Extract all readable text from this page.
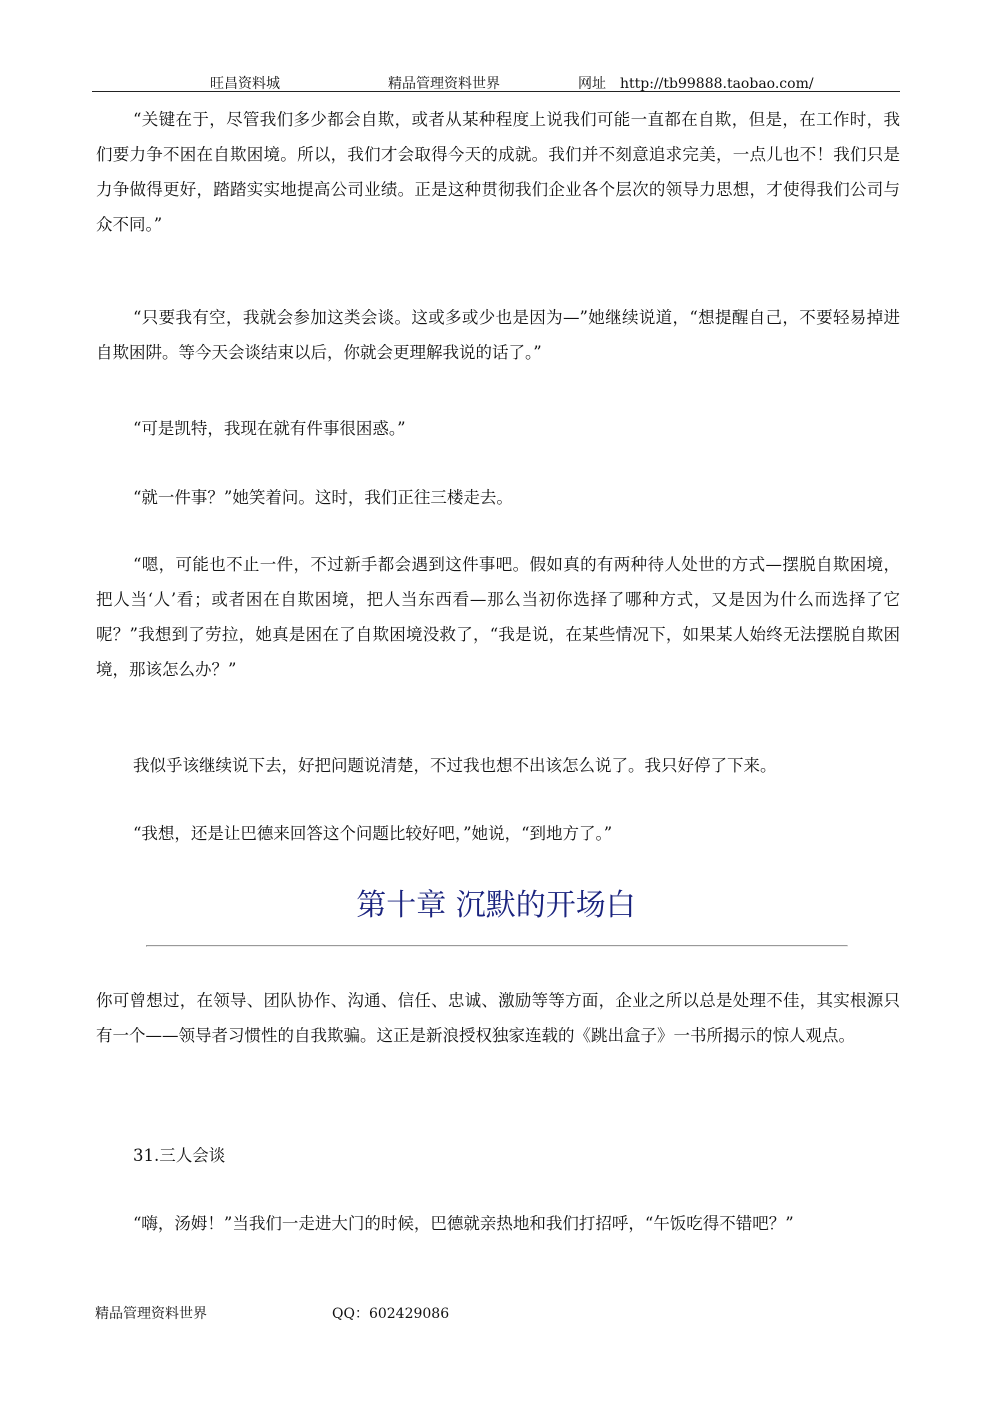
旺昌资料城	精品管理资料世界	网址　http://tb99888.taobao.com/

“关键在于，尽管我们多少都会自欺，或者从某种程度上说我们可能一直都在自欺，但是，在工作时，我们要力争不困在自欺困境。所以，我们才会取得今天的成就。我们并不刻意追求完美，一点儿也不！我们只是力争做得更好，踏踏实实地提高公司业绩。正是这种贯彻我们企业各个层次的领导力思想，才使得我们公司与众不同。”

“只要我有空，我就会参加这类会谈。这或多或少也是因为—”她继续说道，“想提醒自己，不要轻易掉进自欺困阱。等今天会谈结束以后，你就会更理解我说的话了。”

“可是凯特，我现在就有件事很困惑。”

“就一件事？”她笑着问。这时，我们正往三楼走去。

“嗯，可能也不止一件，不过新手都会遇到这件事吧。假如真的有两种待人处世的方式—摆脱自欺困境，把人当‘人’看；或者困在自欺困境，把人当东西看—那么当初你选择了哪种方式，又是因为什么而选择了它呢？”我想到了劳拉，她真是困在了自欺困境没救了，“我是说，在某些情况下，如果某人始终无法摆脱自欺困境，那该怎么办？”

我似乎该继续说下去，好把问题说清楚，不过我也想不出该怎么说了。我只好停了下来。

“我想，还是让巴德来回答这个问题比较好吧，”她说，“到地方了。”

第十章 沉默的开场白

你可曾想过，在领导、团队协作、沟通、信任、忠诚、激励等等方面，企业之所以总是处理不佳，其实根源只有一个——领导者习惯性的自我欺骗。这正是新浪授权独家连载的《跳出盒子》一书所揭示的惊人观点。

31.三人会谈

“嗨，汤姆！”当我们一走进大门的时候，巴德就亲热地和我们打招呼，“午饭吃得不错吧？”

精品管理资料世界	QQ：602429086
